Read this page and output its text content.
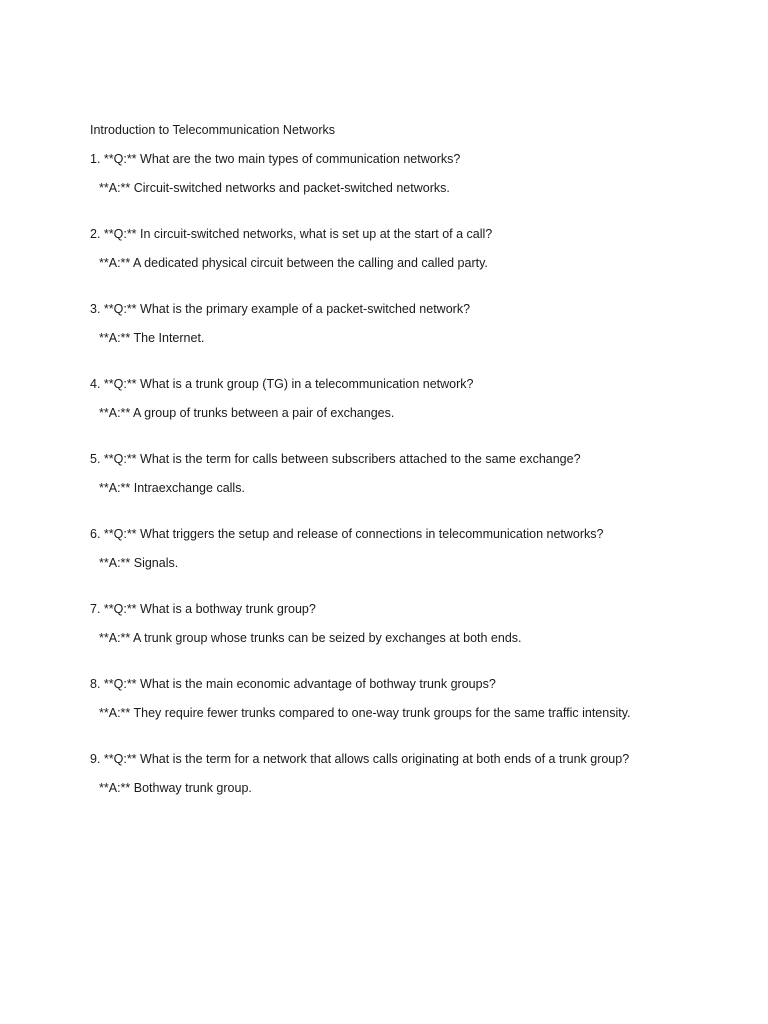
Introduction to Telecommunication Networks
1. **Q:** What are the two main types of communication networks?
**A:** Circuit-switched networks and packet-switched networks.
2. **Q:** In circuit-switched networks, what is set up at the start of a call?
**A:** A dedicated physical circuit between the calling and called party.
3. **Q:** What is the primary example of a packet-switched network?
**A:** The Internet.
4. **Q:** What is a trunk group (TG) in a telecommunication network?
**A:** A group of trunks between a pair of exchanges.
5. **Q:** What is the term for calls between subscribers attached to the same exchange?
**A:** Intraexchange calls.
6. **Q:** What triggers the setup and release of connections in telecommunication networks?
**A:** Signals.
7. **Q:** What is a bothway trunk group?
**A:** A trunk group whose trunks can be seized by exchanges at both ends.
8. **Q:** What is the main economic advantage of bothway trunk groups?
**A:** They require fewer trunks compared to one-way trunk groups for the same traffic intensity.
9. **Q:** What is the term for a network that allows calls originating at both ends of a trunk group?
**A:** Bothway trunk group.
